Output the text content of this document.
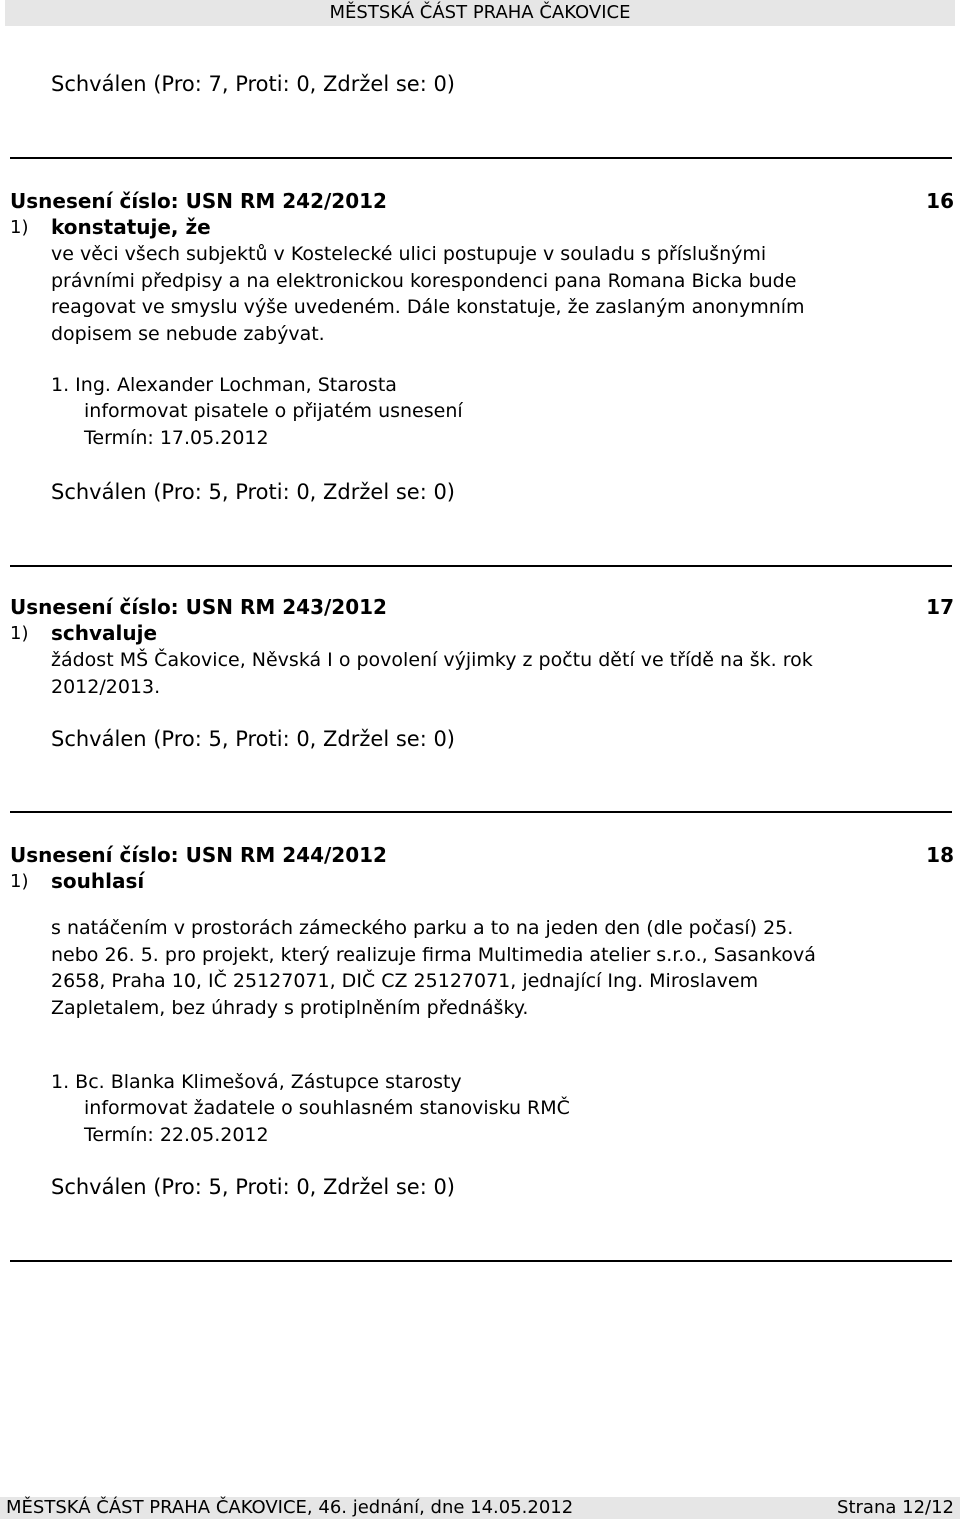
MĚSTSKÁ ČÁST PRAHA ČAKOVICE
Schválen (Pro: 7, Proti: 0, Zdržel se: 0)
Usnesení číslo: USN RM 242/2012	16
1) konstatuje, že
ve věci všech subjektů v Kostelecké ulici postupuje v souladu s příslušnými
právními předpisy a na elektronickou korespondenci pana Romana Bicka bude
reagovat ve smyslu výše uvedeném. Dále konstatuje, že zaslaným anonymním
dopisem se nebude zabývat.
1. Ing. Alexander Lochman, Starosta
informovat pisatele o přijatém usnesení
Termín: 17.05.2012
Schválen (Pro: 5, Proti: 0, Zdržel se: 0)
Usnesení číslo: USN RM 243/2012	17
1) schvaluje
žádost MŠ Čakovice, Něvská I o povolení výjimky z počtu dětí ve třídě na šk. rok
2012/2013.
Schválen (Pro: 5, Proti: 0, Zdržel se: 0)
Usnesení číslo: USN RM 244/2012	18
1) souhlasí
s natáčením v prostorách zámeckého parku a to na jeden den (dle počasí) 25.
nebo 26. 5. pro projekt, který realizuje firma Multimedia atelier s.r.o., Sasanková
2658, Praha 10, IČ 25127071, DIČ CZ 25127071, jednající Ing. Miroslavem
Zapletalem, bez úhrady s protiplněním přednášky.
1. Bc. Blanka Klimešová, Zástupce starosty
informovat žadatele o souhlasném stanovisku RMČ
Termín: 22.05.2012
Schválen (Pro: 5, Proti: 0, Zdržel se: 0)
MĚSTSKÁ ČÁST PRAHA ČAKOVICE, 46. jednání, dne 14.05.2012	Strana 12/12
